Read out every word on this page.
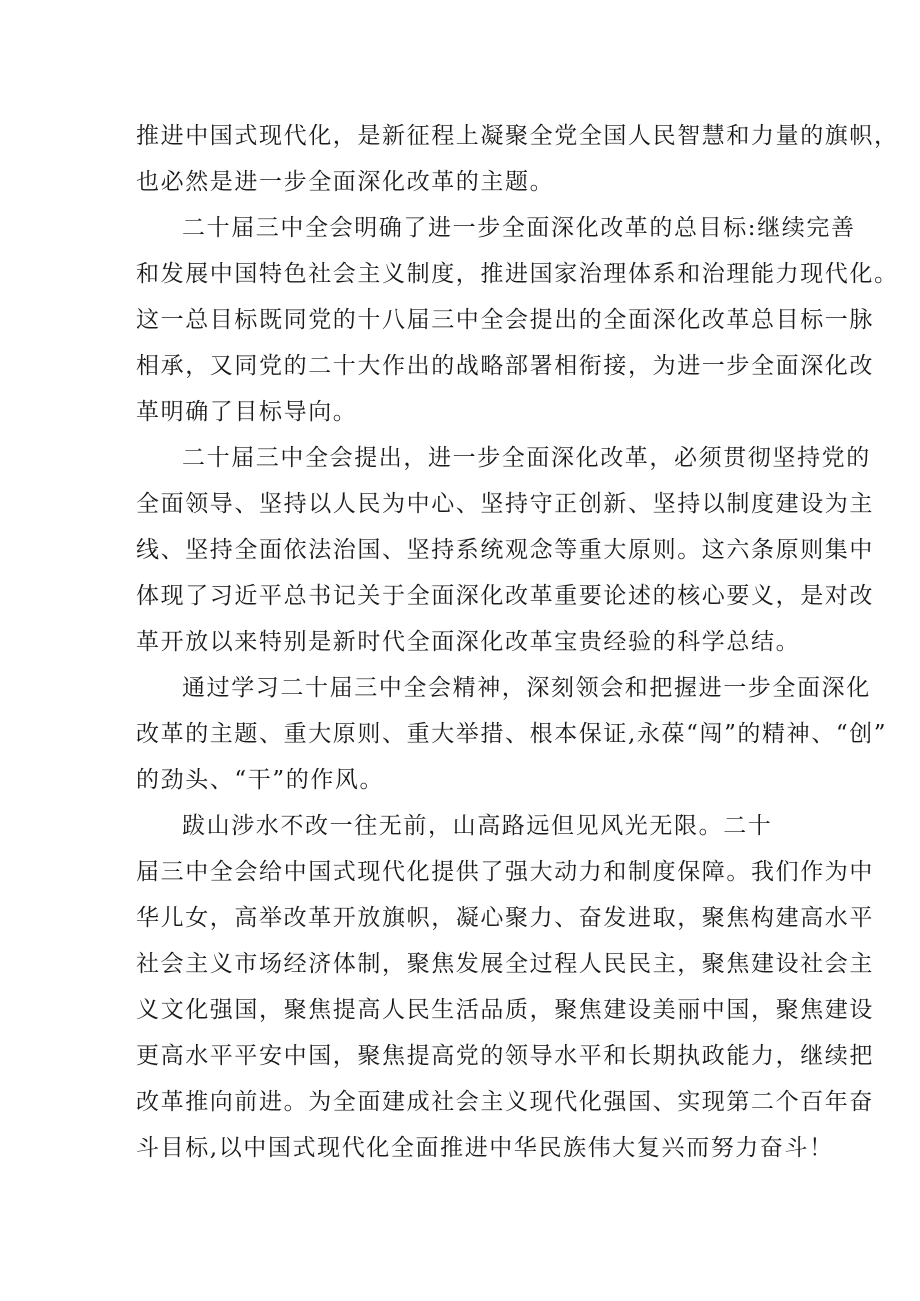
推进中国式现代化，是新征程上凝聚全党全国人民智慧和力量的旗帜，

也必然是进一步全面深化改革的主题。

二十届三中全会明确了进一步全面深化改革的总目标:继续完善

和发展中国特色社会主义制度，推进国家治理体系和治理能力现代化。

这一总目标既同党的十八届三中全会提出的全面深化改革总目标一脉

相承，又同党的二十大作出的战略部署相衔接，为进一步全面深化改

革明确了目标导向。

二十届三中全会提出，进一步全面深化改革，必须贯彻坚持党的

全面领导、坚持以人民为中心、坚持守正创新、坚持以制度建设为主

线、坚持全面依法治国、坚持系统观念等重大原则。这六条原则集中

体现了习近平总书记关于全面深化改革重要论述的核心要义，是对改

革开放以来特别是新时代全面深化改革宝贵经验的科学总结。

通过学习二十届三中全会精神，深刻领会和把握进一步全面深化

改革的主题、重大原则、重大举措、根本保证,永葆“闯”的精神、“创”

的劲头、“干”的作风。

跋山涉水不改一往无前，山高路远但见风光无限。二十

届三中全会给中国式现代化提供了强大动力和制度保障。我们作为中

华儿女，高举改革开放旗帜，凝心聚力、奋发进取，聚焦构建高水平

社会主义市场经济体制，聚焦发展全过程人民民主，聚焦建设社会主

义文化强国，聚焦提高人民生活品质，聚焦建设美丽中国，聚焦建设

更高水平平安中国，聚焦提高党的领导水平和长期执政能力，继续把

改革推向前进。为全面建成社会主义现代化强国、实现第二个百年奋

斗目标,以中国式现代化全面推进中华民族伟大复兴而努力奋斗！
